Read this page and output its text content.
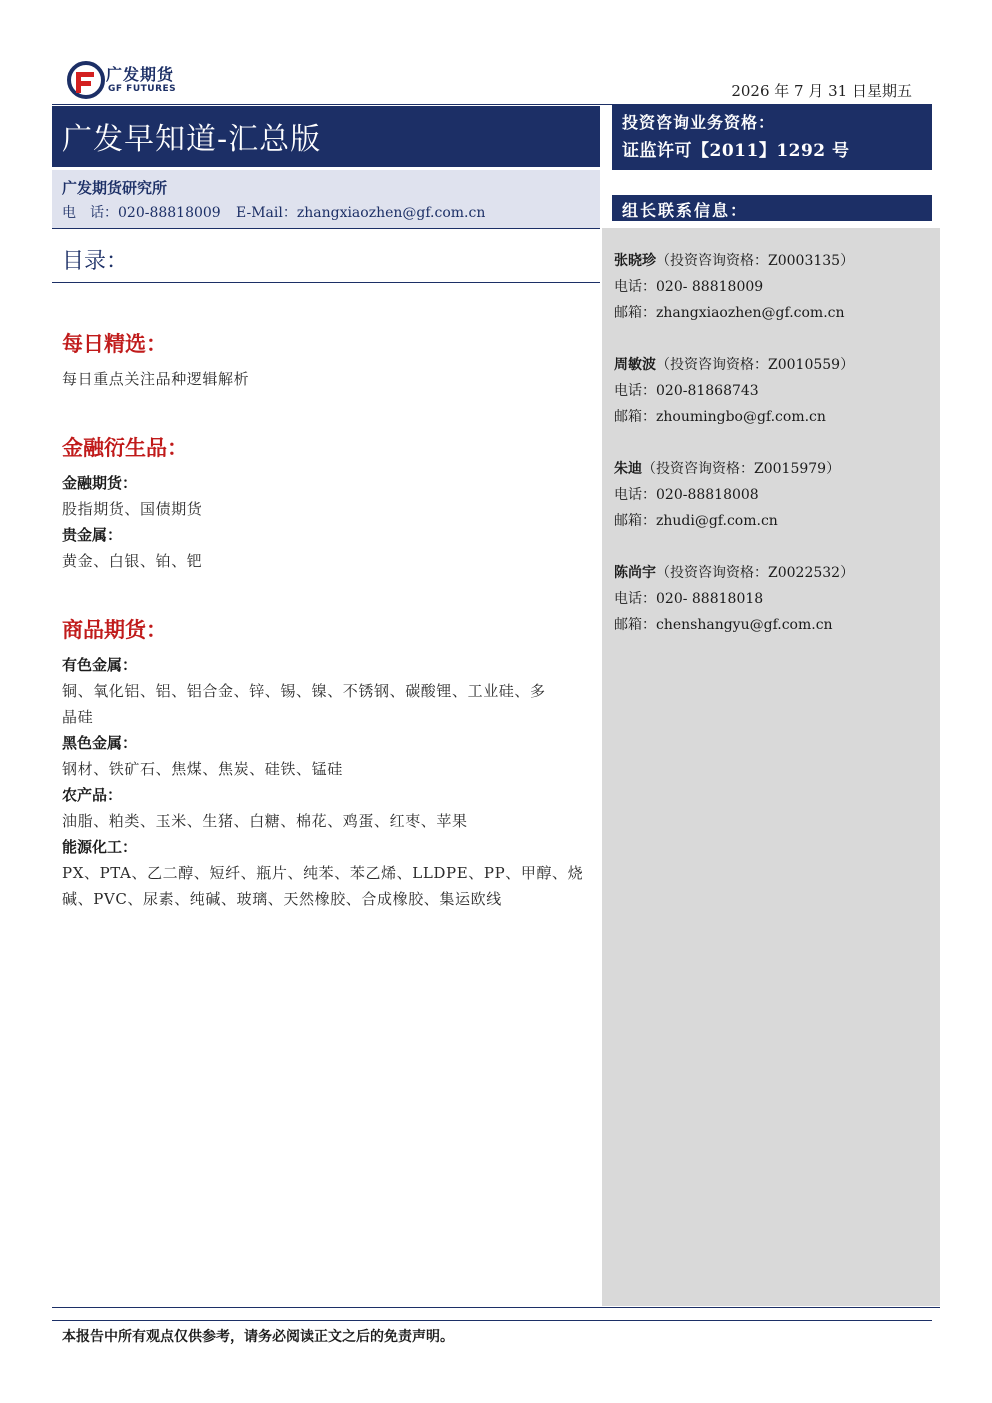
广发期货
GF FUTURES	2026 年 7 月 31 日星期五
广发早知道-汇总版
广发期货研究所
电　话：020-88818009 E-Mail：zhangxiaozhen@gf.com.cn
目录：
每日精选：
每日重点关注品种逻辑解析
金融衍生品：
金融期货：
股指期货、国债期货
贵金属：
黄金、白银、铂、钯
商品期货：
有色金属：
铜、氧化铝、铝、铝合金、锌、锡、镍、不锈钢、碳酸锂、工业硅、多
晶硅
黑色金属：
钢材、铁矿石、焦煤、焦炭、硅铁、锰硅
农产品：
油脂、粕类、玉米、生猪、白糖、棉花、鸡蛋、红枣、苹果
能源化工：
PX、PTA、乙二醇、短纤、瓶片、纯苯、苯乙烯、LLDPE、PP、甲醇、烧
碱、PVC、尿素、纯碱、玻璃、天然橡胶、合成橡胶、集运欧线
投资咨询业务资格：
证监许可【2011】1292 号
组长联系信息：
张晓珍（投资咨询资格：Z0003135）
电话：020- 88818009
邮箱：zhangxiaozhen@gf.com.cn
周敏波（投资咨询资格：Z0010559）
电话：020-81868743
邮箱：zhoumingbo@gf.com.cn
朱迪（投资咨询资格：Z0015979）
电话：020-88818008
邮箱：zhudi@gf.com.cn
陈尚宇（投资咨询资格：Z0022532）
电话：020- 88818018
邮箱：chenshangyu@gf.com.cn
本报告中所有观点仅供参考，请务必阅读正文之后的免责声明。
